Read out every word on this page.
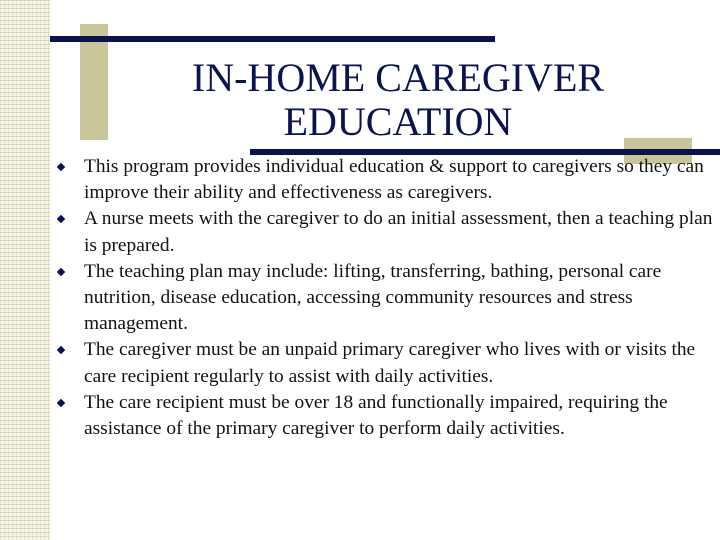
IN-HOME CAREGIVER
EDUCATION
This program provides individual education & support to caregivers so they can improve their ability and effectiveness as caregivers.
A nurse meets with the caregiver to do an initial assessment, then a teaching plan is prepared.
The teaching plan may include: lifting, transferring, bathing, personal care nutrition, disease education, accessing community resources and stress management.
The caregiver must be an unpaid primary caregiver who lives with or visits the care recipient regularly to assist with daily activities.
The care recipient must be over 18 and functionally impaired, requiring the assistance of the primary caregiver to perform daily activities.
